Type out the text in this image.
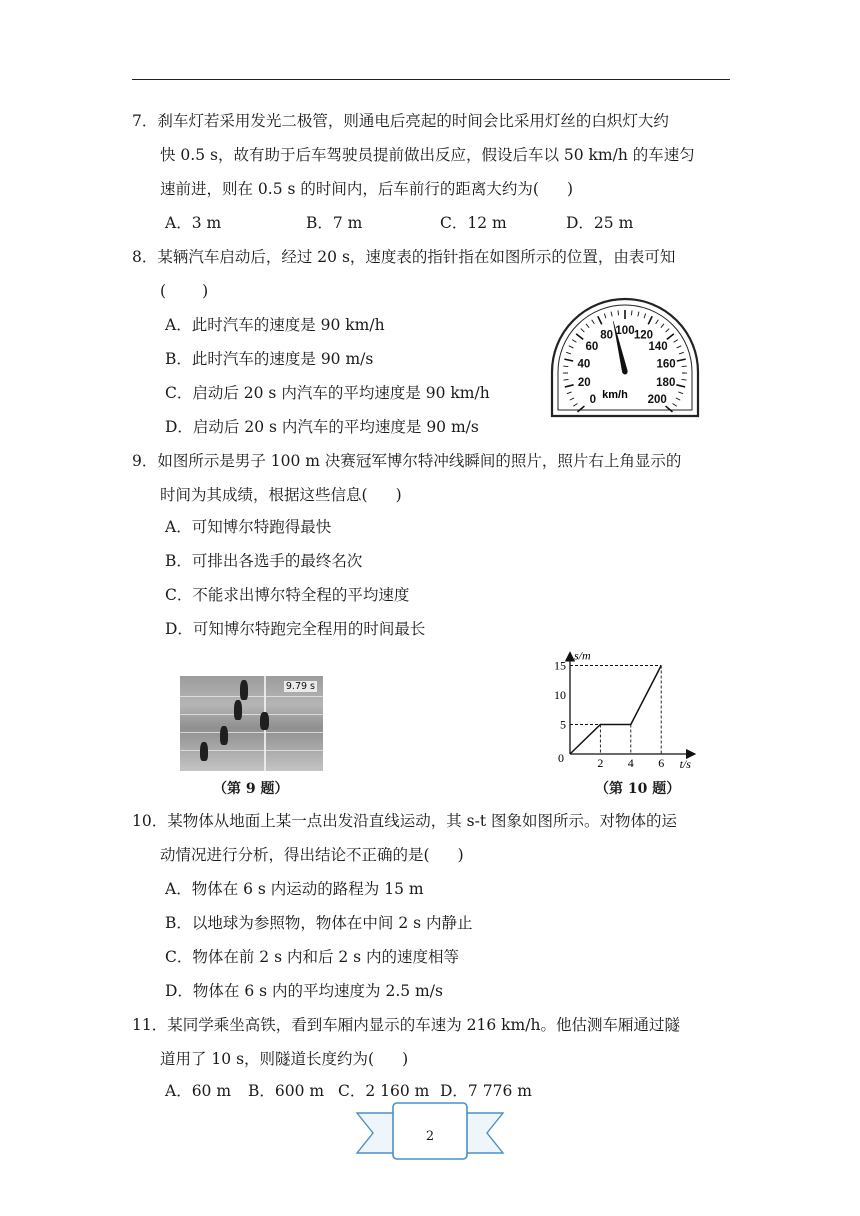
7．刹车灯若采用发光二极管，则通电后亮起的时间会比采用灯丝的白炽灯大约
快 0.5 s，故有助于后车驾驶员提前做出反应，假设后车以 50 km/h 的车速匀
速前进，则在 0.5 s 的时间内，后车前行的距离大约为( )
A．3 m	B．7 m	C．12 m	D．25 m
8．某辆汽车启动后，经过 20 s，速度表的指针指在如图所示的位置，由表可知
( )
A．此时汽车的速度是 90 km/h
B．此时汽车的速度是 90 m/s
C．启动后 20 s 内汽车的平均速度是 90 km/h
D．启动后 20 s 内汽车的平均速度是 90 m/s
0
20
40
60
80 100 120
140
160
180
200
km/h
9．如图所示是男子 100 m 决赛冠军博尔特冲线瞬间的照片，照片右上角显示的
时间为其成绩，根据这些信息( )
A．可知博尔特跑得最快
B．可排出各选手的最终名次
C．不能求出博尔特全程的平均速度
D．可知博尔特跑完全程用的时间最长
9.79 s
（第 9 题）
2 4 6
5
10
15
s/m
t/s
0
（第 10 题）
10．某物体从地面上某一点出发沿直线运动，其 s-t 图象如图所示。对物体的运
动情况进行分析，得出结论不正确的是( )
A．物体在 6 s 内运动的路程为 15 m
B．以地球为参照物，物体在中间 2 s 内静止
C．物体在前 2 s 内和后 2 s 内的速度相等
D．物体在 6 s 内的平均速度为 2.5 m/s
11．某同学乘坐高铁，看到车厢内显示的车速为 216 km/h。他估测车厢通过隧
道用了 10 s，则隧道长度约为( )
A．60 m B．600 m C．2 160 m D．7 776 m
2
